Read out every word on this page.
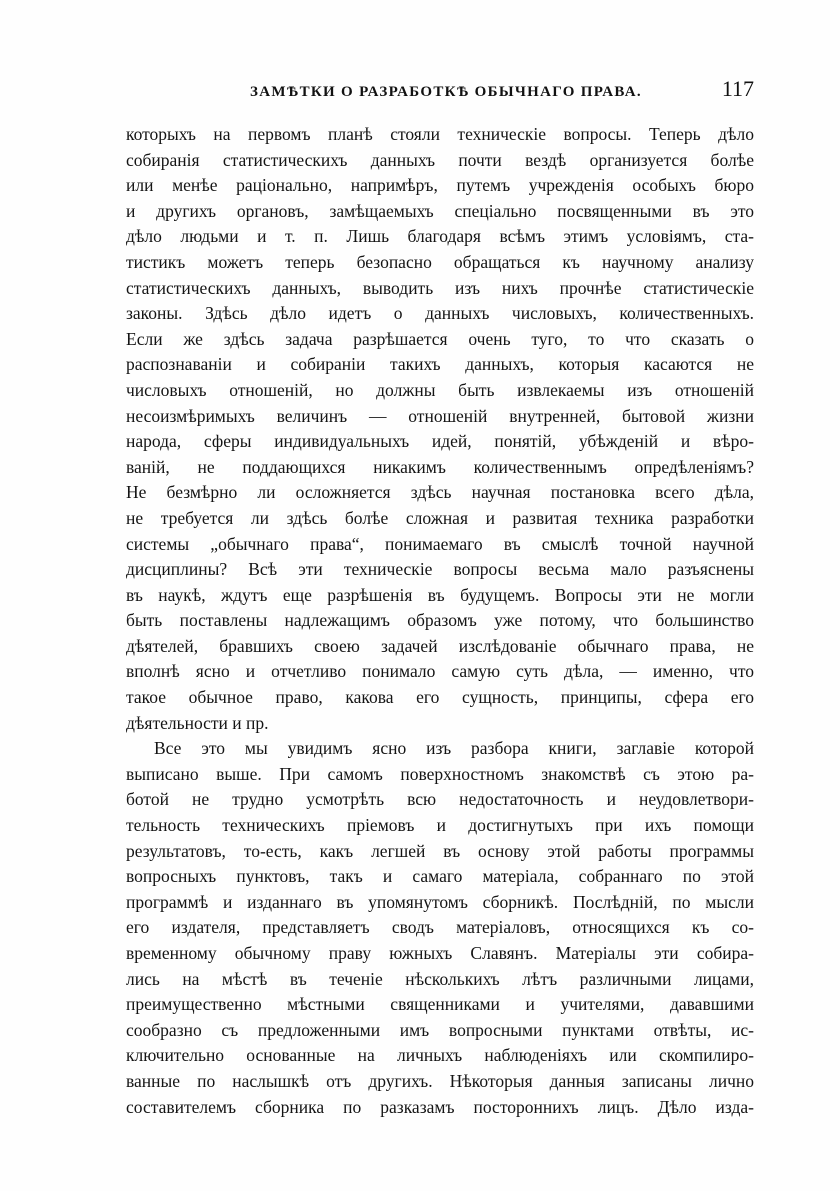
ЗАМѢТКИ О РАЗРАБОТКѢ ОБЫЧНАГО ПРАВА.	117
которыхъ на первомъ планѣ стояли техническіе вопросы. Теперь дѣло
собиранія статистическихъ данныхъ почти вездѣ организуется болѣе
или менѣе раціонально, напримѣръ, путемъ учрежденія особыхъ бюро
и другихъ органовъ, замѣщаемыхъ спеціально посвященными въ это
дѣло людьми и т. п. Лишь благодаря всѣмъ этимъ условіямъ, ста-
тистикъ можетъ теперь безопасно обращаться къ научному анализу
статистическихъ данныхъ, выводить изъ нихъ прочнѣе статистическіе
законы. Здѣсь дѣло идетъ о данныхъ числовыхъ, количественныхъ.
Если же здѣсь задача разрѣшается очень туго, то что сказать о
распознаваніи и собираніи такихъ данныхъ, которыя касаются не
числовыхъ отношеній, но должны быть извлекаемы изъ отношеній
несоизмѣримыхъ величинъ — отношеній внутренней, бытовой жизни
народа, сферы индивидуальныхъ идей, понятій, убѣжденій и вѣро-
ваній, не поддающихся никакимъ количественнымъ опредѣленіямъ?
Не безмѣрно ли осложняется здѣсь научная постановка всего дѣла,
не требуется ли здѣсь болѣе сложная и развитая техника разработки
системы „обычнаго права“, понимаемаго въ смыслѣ точной научной
дисциплины? Всѣ эти техническіе вопросы весьма мало разъяснены
въ наукѣ, ждутъ еще разрѣшенія въ будущемъ. Вопросы эти не могли
быть поставлены надлежащимъ образомъ уже потому, что большинство
дѣятелей, бравшихъ своею задачей изслѣдованіе обычнаго права, не
вполнѣ ясно и отчетливо понимало самую суть дѣла, — именно, что
такое обычное право, какова его сущность, принципы, сфера его
дѣятельности и пр.
Все это мы увидимъ ясно изъ разбора книги, заглавіе которой
выписано выше. При самомъ поверхностномъ знакомствѣ съ этою ра-
ботой не трудно усмотрѣть всю недостаточность и неудовлетвори-
тельность техническихъ пріемовъ и достигнутыхъ при ихъ помощи
результатовъ, то-есть, какъ легшей въ основу этой работы программы
вопросныхъ пунктовъ, такъ и самаго матеріала, собраннаго по этой
программѣ и изданнаго въ упомянутомъ сборникѣ. Послѣдній, по мысли
его издателя, представляетъ сводъ матеріаловъ, относящихся къ со-
временному обычному праву южныхъ Славянъ. Матеріалы эти собира-
лись на мѣстѣ въ теченіе нѣсколькихъ лѣтъ различными лицами,
преимущественно мѣстными священниками и учителями, дававшими
сообразно съ предложенными имъ вопросными пунктами отвѣты, ис-
ключительно основанные на личныхъ наблюденіяхъ или скомпилиро-
ванные по наслышкѣ отъ другихъ. Нѣкоторыя данныя записаны лично
составителемъ сборника по разказамъ постороннихъ лицъ. Дѣло изда-
